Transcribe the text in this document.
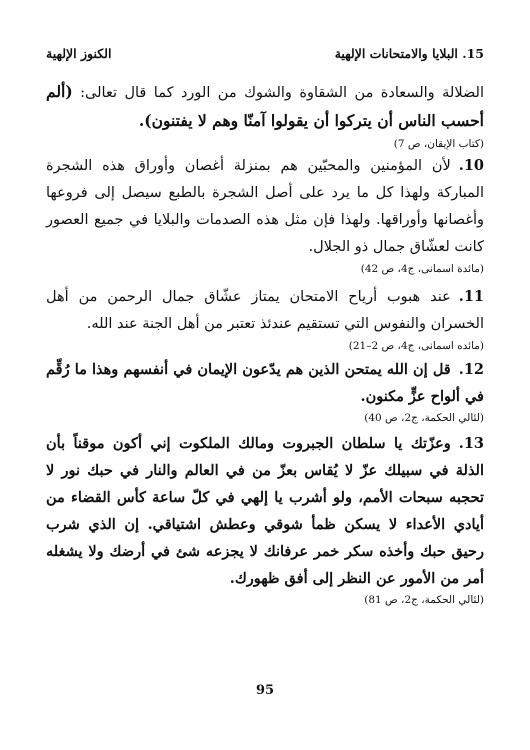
15. البلايا والامتحانات الإلهية
الكنوز الإلهية

الضلالة والسعادة من الشقاوة والشوك من الورد كما قال تعالى: (ألم أحسب الناس أن يتركوا أن يقولوا آمنّا وهم لا يفتنون).

(كتاب الإيقان، ص 7)

10.لأن المؤمنين والمحبّين هم بمنزلة أغصان وأوراق هذه الشجرة المباركة ولهذا كل ما يرد على أصل الشجرة بالطبع سيصل إلى فروعها وأغصانها وأوراقها. ولهذا فإن مثل هذه الصدمات والبلايا في جميع العصور كانت لعشّاق جمال ذو الجلال.

(مائدة اسمانى، ج4، ص 42)

11.عند هبوب أرياح الامتحان يمتاز عشّاق جمال الرحمن من أهل الخسران والنفوس التي تستقيم عندئذ تعتبر من أهل الجنة عند الله.

(مائده اسمانى، ج4، ص 2–21)

12.قل إن الله يمتحن الذين هم يدّعون الإيمان في أنفسهم وهذا ما رُقِّم في ألواح عزٍّ مكنون.

(لئالي الحكمة، ج2، ص 40)

13.وعزّتك يا سلطان الجبروت ومالك الملكوت إني أكون موقناً بأن الذلة في سبيلك عزّ لا يُقاس بعزّ من في العالم والنار في حبك نور لا تحجبه سبحات الأمم، ولو أشرب يا إلهي في كلّ ساعة كأس القضاء من أيادي الأعداء لا يسكن ظمأ شوقي وعطش اشتياقي. إن الذي شرب رحيق حبك وأخذه سكر خمر عرفانك لا يجزعه شئ في أرضك ولا يشغله أمر من الأمور عن النظر إلى أفق ظهورك.

(لئالي الحكمة، ج2، ص 81)
95
